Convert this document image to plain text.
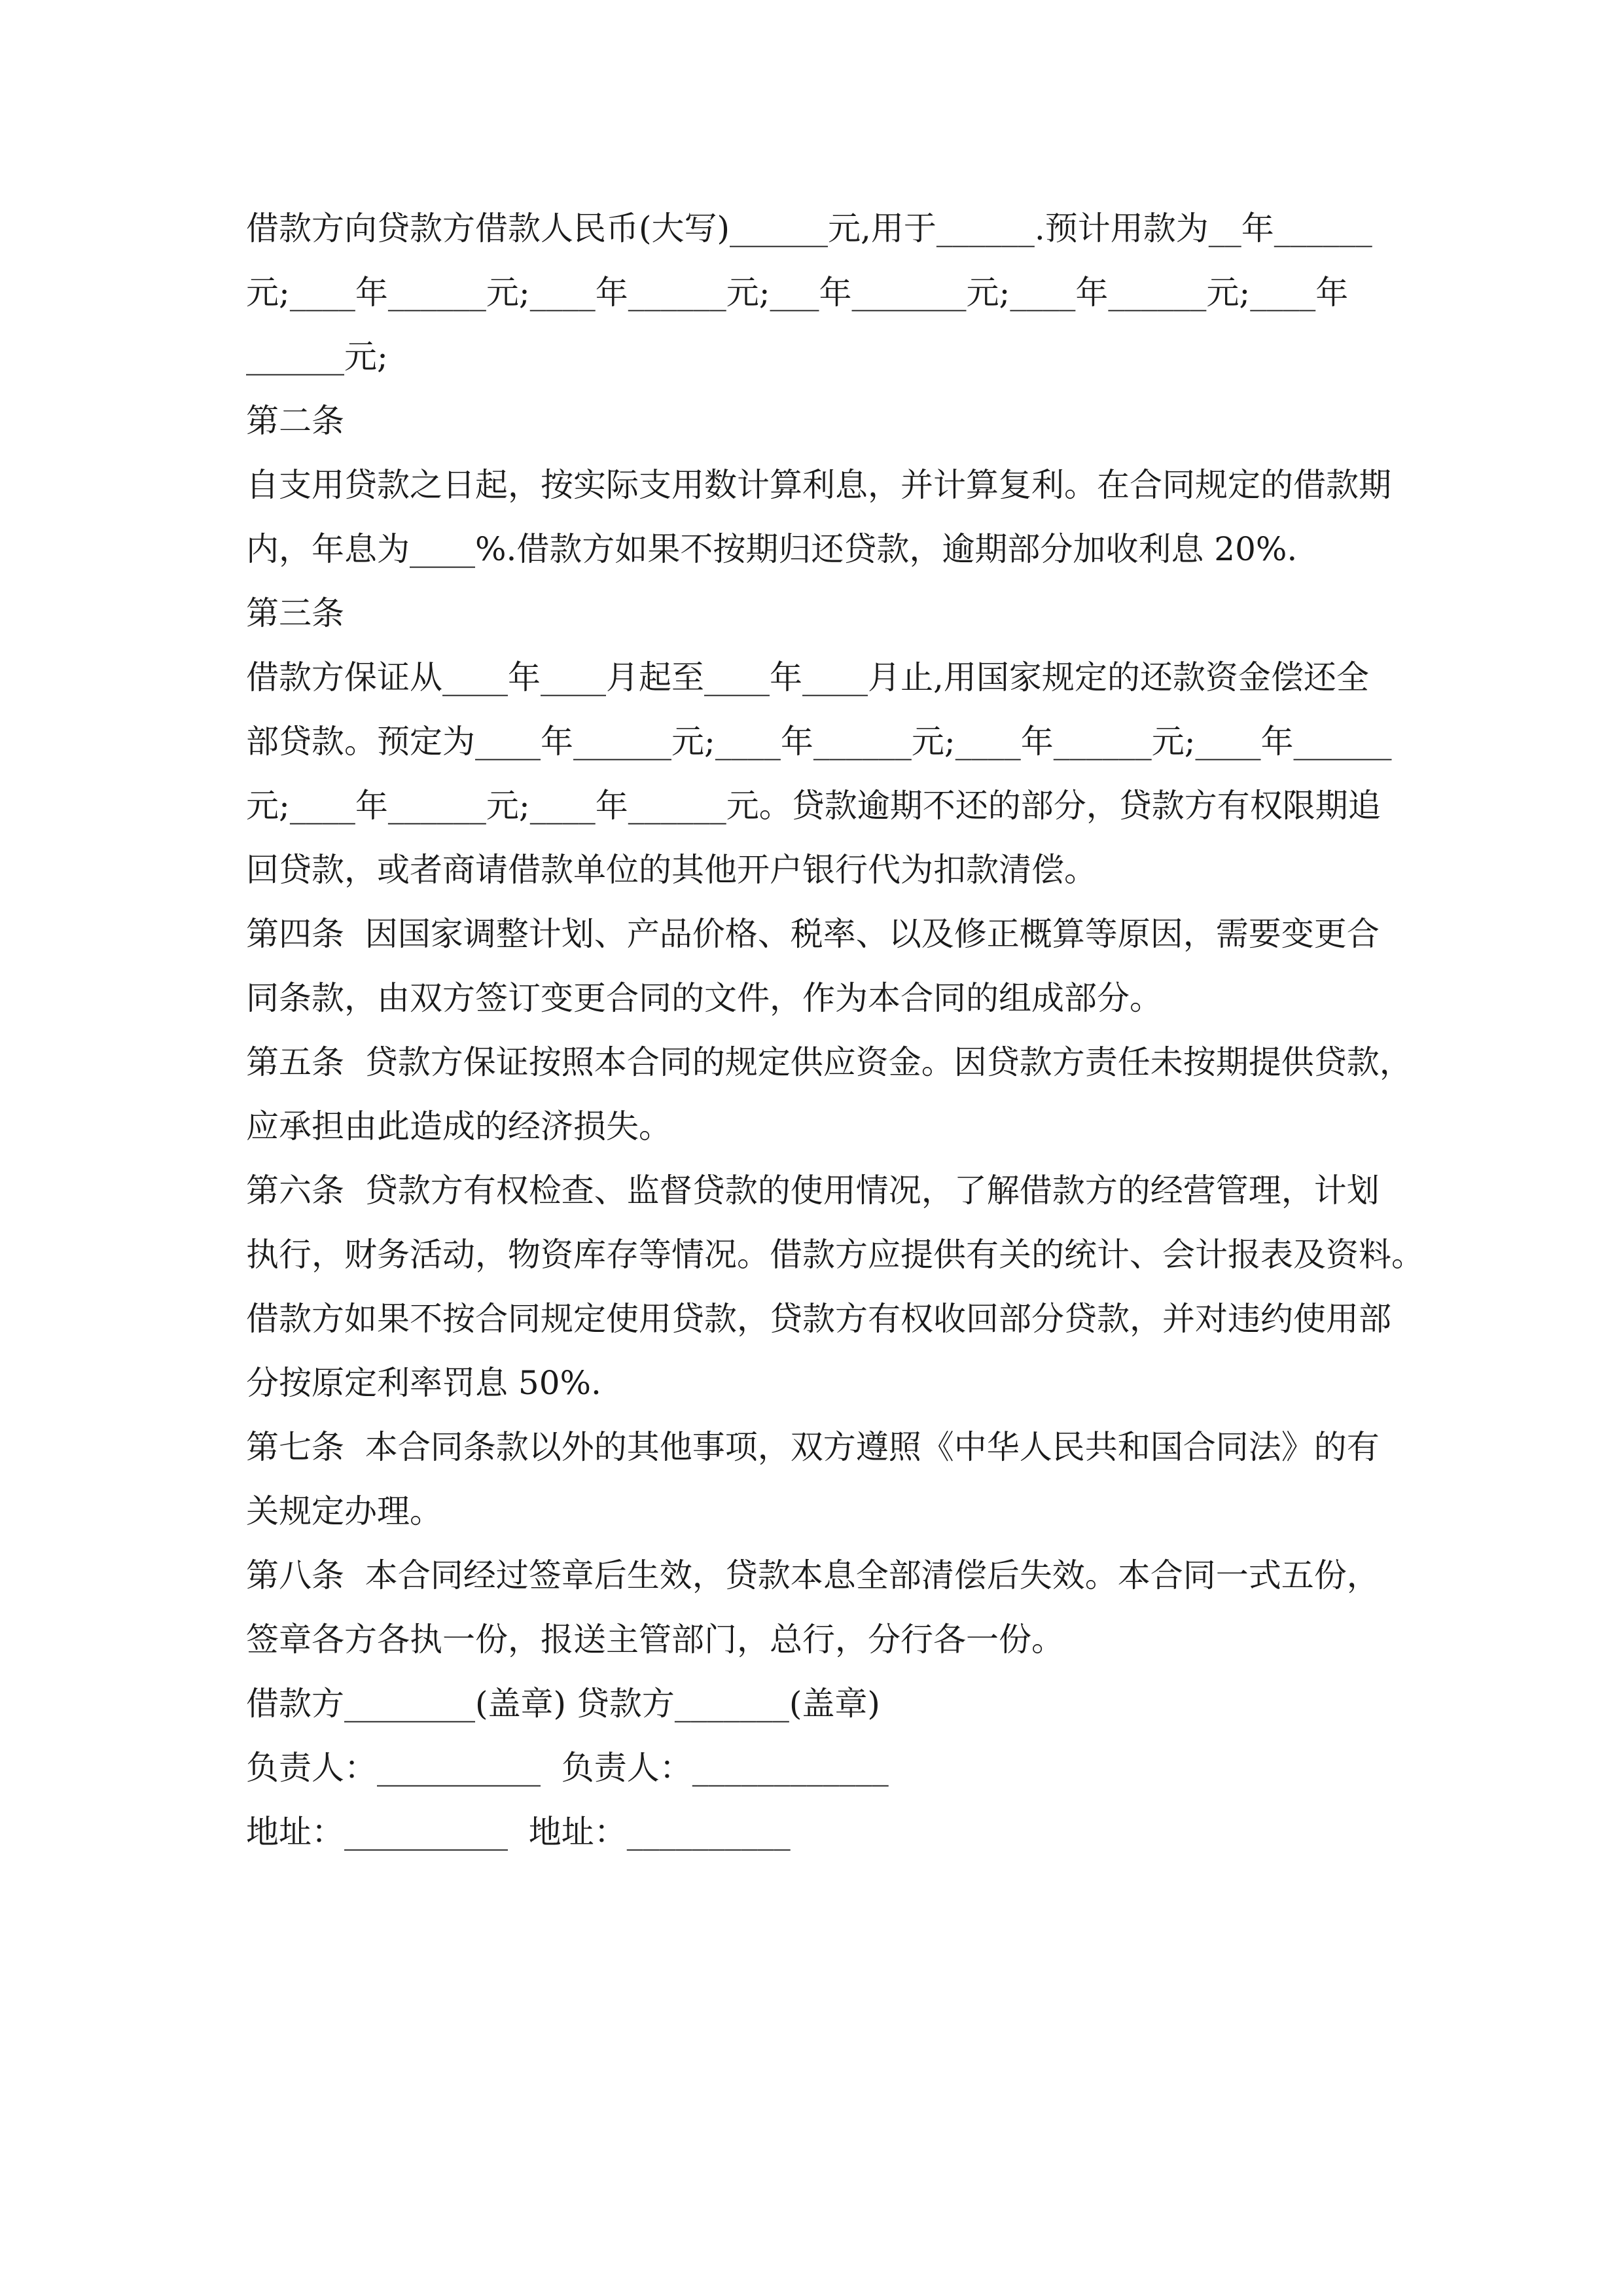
借款方向贷款方借款人民币(大写)______元,用于______.预计用款为__年______
元;____年______元;____年______元;___年_______元;____年______元;____年
______元;
第二条
自支用贷款之日起，按实际支用数计算利息，并计算复利。在合同规定的借款期
内，年息为____%.借款方如果不按期归还贷款，逾期部分加收利息 20%.
第三条
借款方保证从____年____月起至____年____月止,用国家规定的还款资金偿还全
部贷款。预定为____年______元;____年______元;____年______元;____年______
元;____年______元;____年______元。贷款逾期不还的部分，贷款方有权限期追
回贷款，或者商请借款单位的其他开户银行代为扣款清偿。
第四条  因国家调整计划、产品价格、税率、以及修正概算等原因，需要变更合
同条款，由双方签订变更合同的文件，作为本合同的组成部分。
第五条  贷款方保证按照本合同的规定供应资金。因贷款方责任未按期提供贷款，
应承担由此造成的经济损失。
第六条  贷款方有权检查、监督贷款的使用情况，了解借款方的经营管理，计划
执行，财务活动，物资库存等情况。借款方应提供有关的统计、会计报表及资料。
借款方如果不按合同规定使用贷款，贷款方有权收回部分贷款，并对违约使用部
分按原定利率罚息 50%.
第七条  本合同条款以外的其他事项，双方遵照《中华人民共和国合同法》的有
关规定办理。
第八条  本合同经过签章后生效，贷款本息全部清偿后失效。本合同一式五份，
签章各方各执一份，报送主管部门，总行，分行各一份。
借款方________(盖章) 贷款方_______(盖章)
负责人：__________  负责人：____________
地址：__________  地址：__________
